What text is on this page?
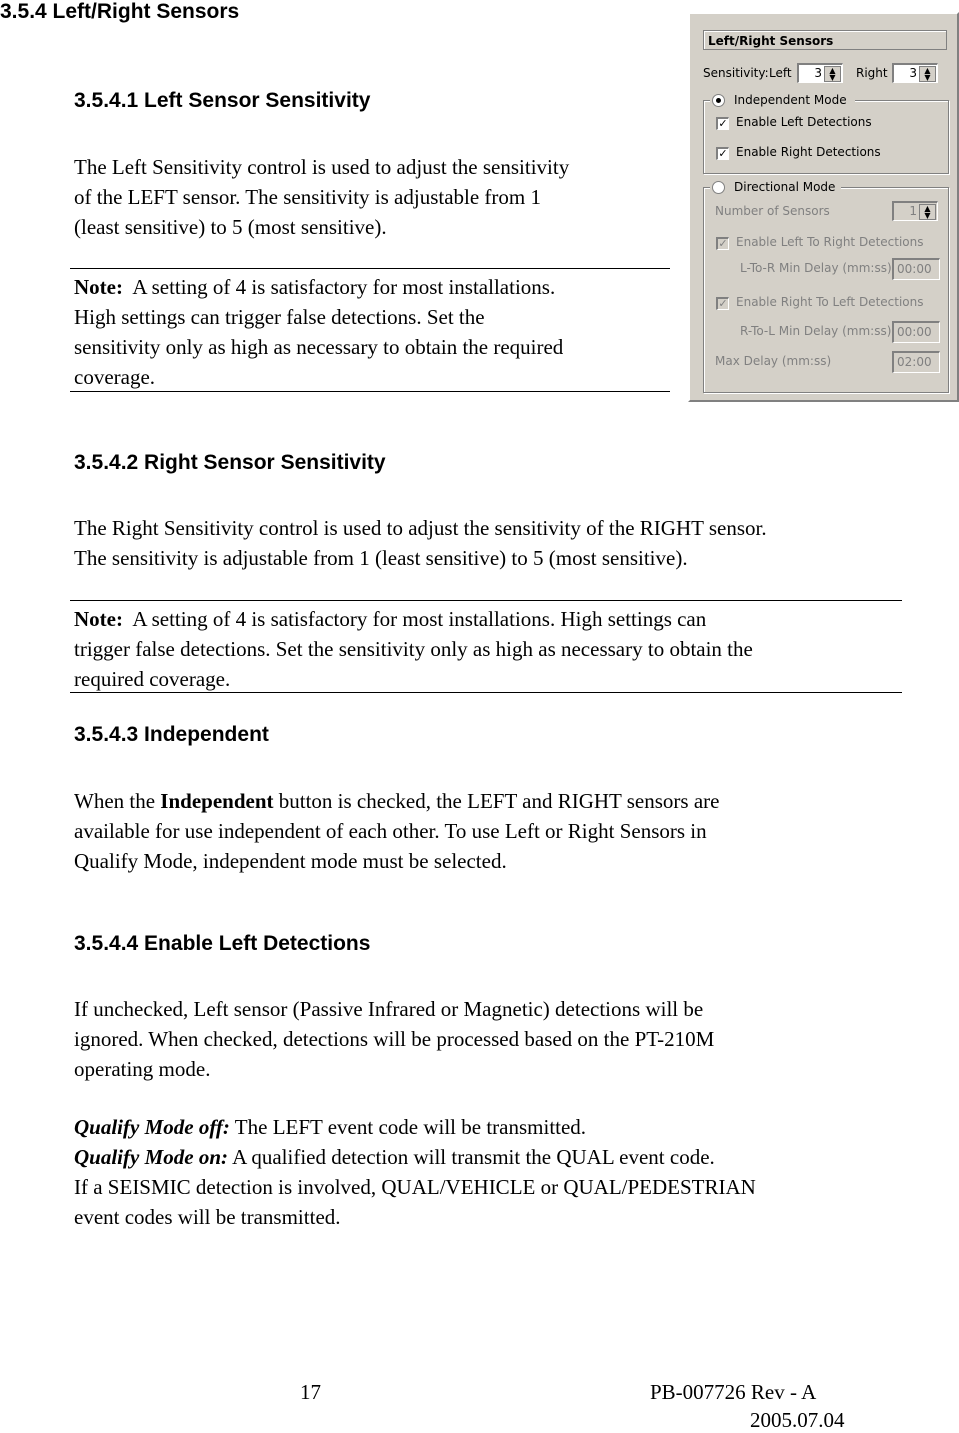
3.5.4 Left/Right Sensors
3.5.4.1 Left Sensor Sensitivity
The Left Sensitivity control is used to adjust the sensitivity
of the LEFT sensor. The sensitivity is adjustable from 1
(least sensitive) to 5 (most sensitive).
Note:  A setting of 4 is satisfactory for most installations.
High settings can trigger false detections. Set the
sensitivity only as high as necessary to obtain the required
coverage.
Left/Right Sensors
Sensitivity: Left 3 ▲
▼	Right 3 ▲
▼
Independent Mode
✓ Enable Left Detections
✓ Enable Right Detections
Directional Mode
Number of Sensors	1 ▲
▼
✓ Enable Left To Right Detections
L-To-R Min Delay (mm:ss) 00:00
✓ Enable Right To Left Detections
R-To-L Min Delay (mm:ss) 00:00
Max Delay (mm:ss)	02:00
3.5.4.2 Right Sensor Sensitivity
The Right Sensitivity control is used to adjust the sensitivity of the RIGHT sensor.
The sensitivity is adjustable from 1 (least sensitive) to 5 (most sensitive).
Note:  A setting of 4 is satisfactory for most installations. High settings can
trigger false detections. Set the sensitivity only as high as necessary to obtain the
required coverage.
3.5.4.3 Independent
When the Independent button is checked, the LEFT and RIGHT sensors are
available for use independent of each other. To use Left or Right Sensors in
Qualify Mode, independent mode must be selected.
3.5.4.4 Enable Left Detections
If unchecked, Left sensor (Passive Infrared or Magnetic) detections will be
ignored. When checked, detections will be processed based on the PT-210M
operating mode.
Qualify Mode off: The LEFT event code will be transmitted.
Qualify Mode on: A qualified detection will transmit the QUAL event code.
If a SEISMIC detection is involved, QUAL/VEHICLE or QUAL/PEDESTRIAN
event codes will be transmitted.
17	PB-007726 Rev - A
2005.07.04
